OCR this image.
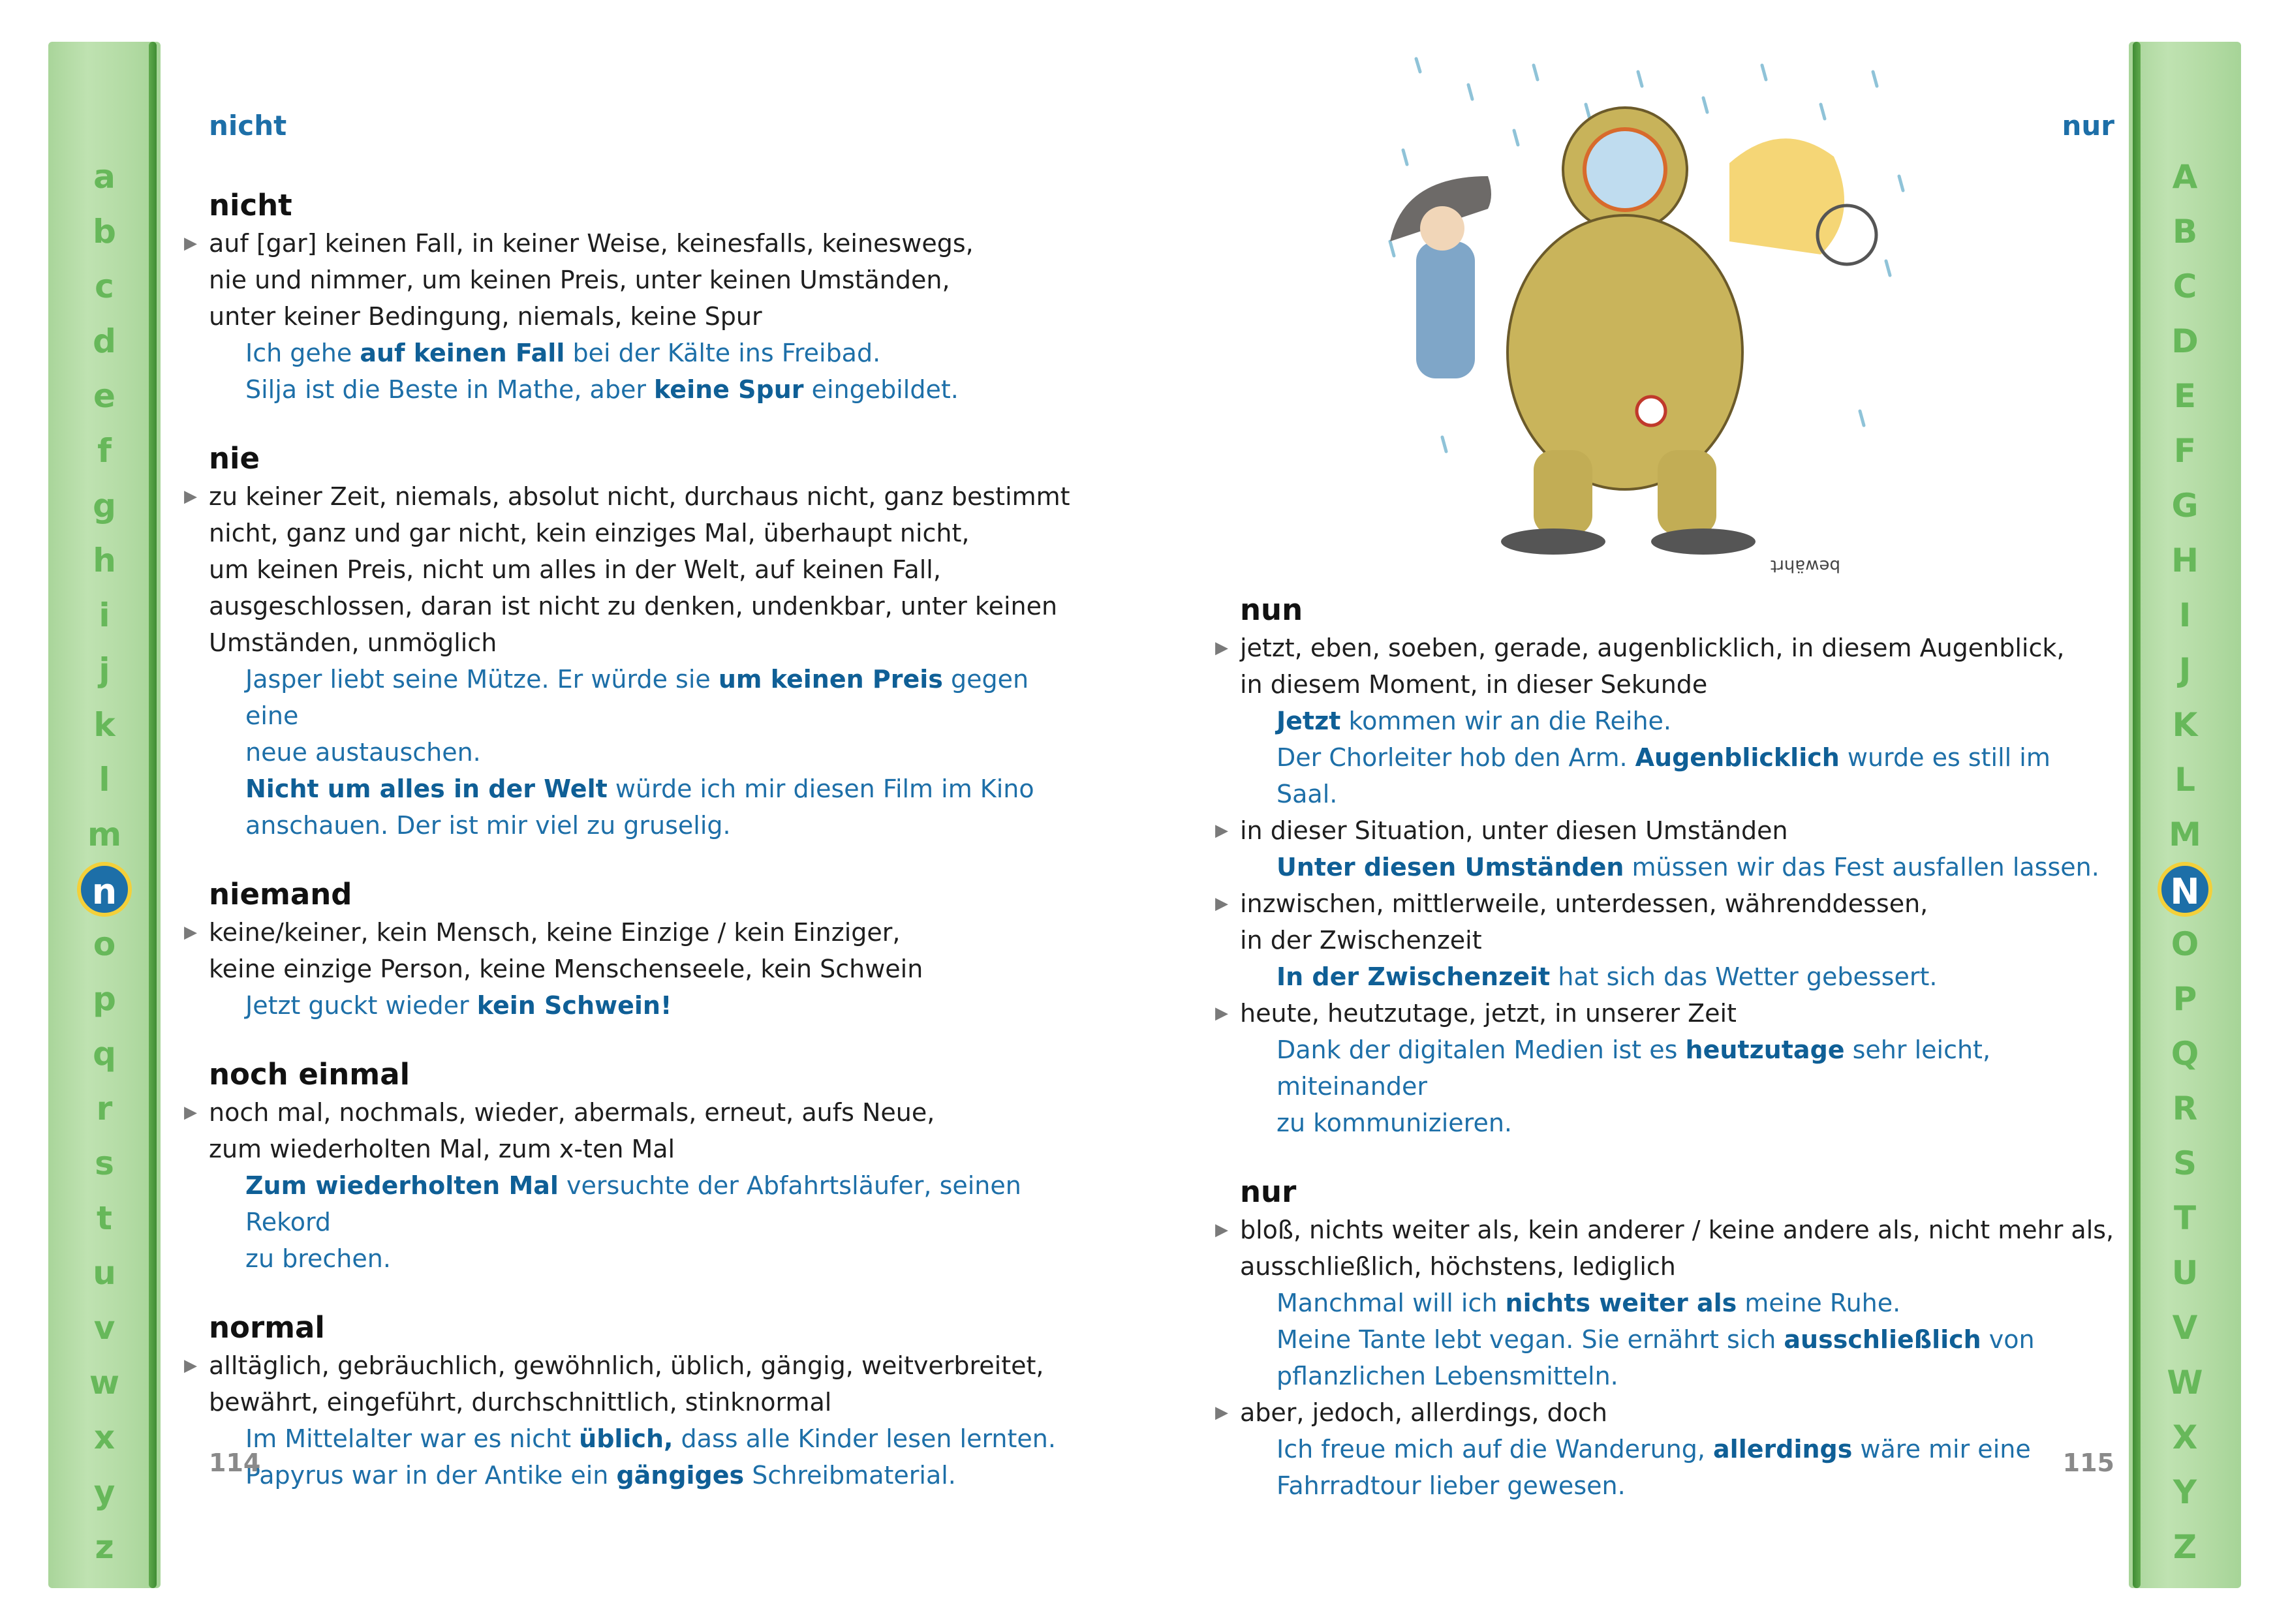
a
b
c
d
e
f
g
h
i
j
k
l
m
n
o
p
q
r
s
t
u
v
w
x
y
z
A
B
C
D
E
F
G
H
I
J
K
L
M
N
O
P
Q
R
S
T
U
V
W
X
Y
Z
nicht
nicht
▶ auf [gar] keinen Fall, in keiner Weise, keinesfalls, keineswegs,
nie und nimmer, um keinen Preis, unter keinen Umständen,
unter keiner Bedingung, niemals, keine Spur
Ich gehe auf keinen Fall bei der Kälte ins Freibad.
Silja ist die Beste in Mathe, aber keine Spur eingebildet.
nie
▶ zu keiner Zeit, niemals, absolut nicht, durchaus nicht, ganz bestimmt
nicht, ganz und gar nicht, kein einziges Mal, überhaupt nicht,
um keinen Preis, nicht um alles in der Welt, auf keinen Fall,
ausgeschlossen, daran ist nicht zu denken, undenkbar, unter keinen
Umständen, unmöglich
Jasper liebt seine Mütze. Er würde sie um keinen Preis gegen eine
neue austauschen.
Nicht um alles in der Welt würde ich mir diesen Film im Kino
anschauen. Der ist mir viel zu gruselig.
niemand
▶ keine/keiner, kein Mensch, keine Einzige / kein Einziger,
keine einzige Person, keine Menschenseele, kein Schwein
Jetzt guckt wieder kein Schwein!
noch einmal
▶ noch mal, nochmals, wieder, abermals, erneut, aufs Neue,
zum wiederholten Mal, zum x-ten Mal
Zum wiederholten Mal versuchte der Abfahrtsläufer, seinen Rekord
zu brechen.
normal
▶ alltäglich, gebräuchlich, gewöhnlich, üblich, gängig, weitverbreitet,
bewährt, eingeführt, durchschnittlich, stinknormal
Im Mittelalter war es nicht üblich, dass alle Kinder lesen lernten.
Papyrus war in der Antike ein gängiges Schreibmaterial.
114
bewährt
nur
nun
▶ jetzt, eben, soeben, gerade, augenblicklich, in diesem Augenblick,
in diesem Moment, in dieser Sekunde
Jetzt kommen wir an die Reihe.
Der Chorleiter hob den Arm. Augenblicklich wurde es still im Saal.
▶ in dieser Situation, unter diesen Umständen
Unter diesen Umständen müssen wir das Fest ausfallen lassen.
▶ inzwischen, mittlerweile, unterdessen, währenddessen,
in der Zwischenzeit
In der Zwischenzeit hat sich das Wetter gebessert.
▶ heute, heutzutage, jetzt, in unserer Zeit
Dank der digitalen Medien ist es heutzutage sehr leicht, miteinander
zu kommunizieren.
nur
▶ bloß, nichts weiter als, kein anderer / keine andere als, nicht mehr als,
ausschließlich, höchstens, lediglich
Manchmal will ich nichts weiter als meine Ruhe.
Meine Tante lebt vegan. Sie ernährt sich ausschließlich von
pflanzlichen Lebensmitteln.
▶ aber, jedoch, allerdings, doch
Ich freue mich auf die Wanderung, allerdings wäre mir eine
Fahrradtour lieber gewesen.
115
